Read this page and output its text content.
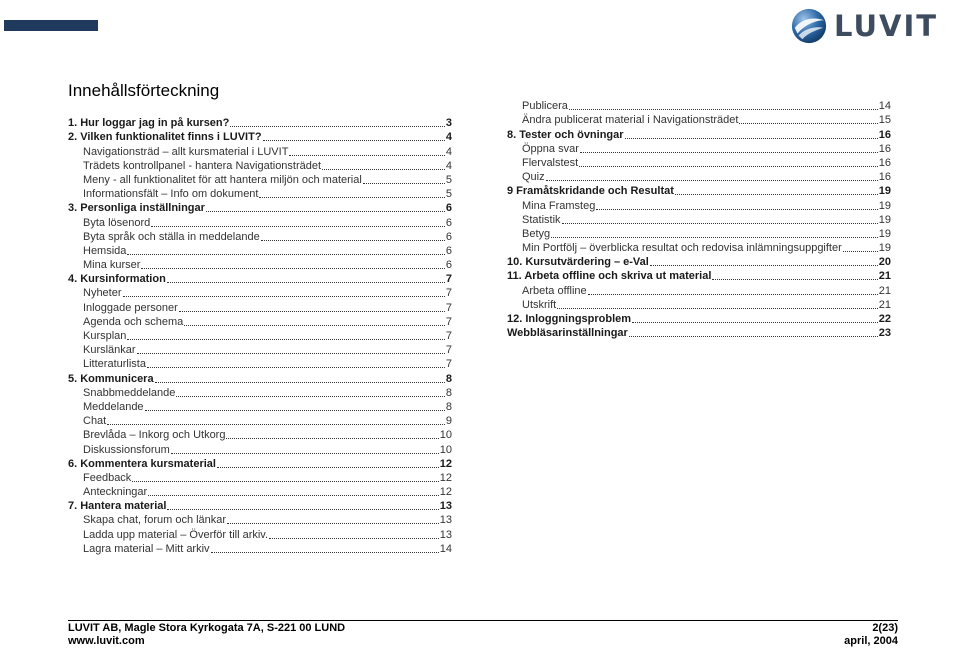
LUVIT
Innehållsförteckning
1. Hur loggar jag in på kursen?	3
2. Vilken funktionalitet finns i LUVIT?	4
Navigationsträd – allt kursmaterial i LUVIT	4
Trädets kontrollpanel - hantera Navigationsträdet	4
Meny - all funktionalitet för att hantera miljön och material	5
Informationsfält – Info om dokument	5
3. Personliga inställningar	6
Byta lösenord	6
Byta språk och ställa in meddelande	6
Hemsida	6
Mina kurser	6
4. Kursinformation	7
Nyheter	7
Inloggade personer	7
Agenda och schema	7
Kursplan	7
Kurslänkar	7
Litteraturlista	7
5. Kommunicera	8
Snabbmeddelande	8
Meddelande	8
Chat	9
Brevlåda – Inkorg och Utkorg	10
Diskussionsforum	10
6. Kommentera kursmaterial	12
Feedback	12
Anteckningar	12
7. Hantera material	13
Skapa chat, forum och länkar	13
Ladda upp material – Överför till arkiv.	13
Lagra material – Mitt arkiv	14
Publicera	14
Ändra publicerat material i Navigationsträdet	15
8. Tester och övningar	16
Öppna svar	16
Flervalstest	16
Quiz	16
9 Framåtskridande och Resultat	19
Mina Framsteg	19
Statistik	19
Betyg	19
Min Portfölj – överblicka resultat och redovisa inlämningsuppgifter	19
10. Kursutvärdering – e-Val	20
11. Arbeta offline och skriva ut material	21
Arbeta offline	21
Utskrift	21
12. Inloggningsproblem	22
Webbläsarinställningar	23
LUVIT AB, Magle Stora Kyrkogata 7A, S-221 00 LUND	2(23)
www.luvit.com	april, 2004
